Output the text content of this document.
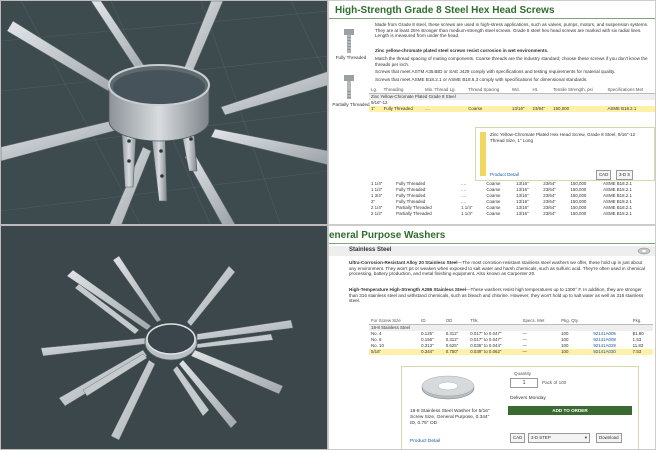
High-Strength Grade 8 Steel Hex Head Screws
Fully Threaded
Partially Threaded
Made from Grade 8 steel, these screws are used in high-stress applications, such as valves, pumps, motors, and suspension systems. They are at least 25% stronger than medium-strength steel screws. Grade 8 steel hex head screws are marked with six radial lines. Length is measured from under the head.
Zinc yellow-chromate plated steel screws resist corrosion in wet environments.
Match the thread spacing of mating components. Coarse threads are the industry standard; choose these screws if you don't know the threads per inch.
Screws that meet ASTM A354BD or SAE J429 comply with specifications and testing requirements for material quality.
Screws that meet ASME B18.2.1 or ASME B18.6.3 comply with specifications for dimensional standards.
Lg.	Threading	Min. Thread Lg.	Thread Spacing	Wd.	Ht.	Tensile Strength, psi	Specifications Met
Zinc Yellow-Chromate Plated Grade 8 Steel							
9/16"-12							
1"	Fully Threaded	....	Coarse	13/16"	23/64"	150,000	ASME B18.2.1
Zinc Yellow-Chromate Plated Hex Head Screw, Grade 8 Steel, 9/16"-12 Thread Size, 1" Long
Product Detail	CAD	3-D S
1 1/4"	Fully Threaded	....	Coarse	13/16"	23/64"	150,000	ASME B18.2.1
1 1/2"	Fully Threaded	....	Coarse	13/16"	23/64"	150,000	ASME B18.2.1
1 3/4"	Fully Threaded	....	Coarse	13/16"	23/64"	150,000	ASME B18.2.1
2"	Fully Threaded	....	Coarse	13/16"	23/64"	150,000	ASME B18.2.1
2 1/4"	Partially Threaded	1 1/4"	Coarse	13/16"	23/64"	150,000	ASME B18.2.1
2 1/2"	Partially Threaded	1 1/4"	Coarse	13/16"	23/64"	150,000	ASME B18.2.1
eneral Purpose Washers
Stainless Steel
Ultra-Corrosion-Resistant Alloy 20 Stainless Steel—The most corrosion-resistant stainless steel washers we offer, these hold up in just about any environment. They won't pit or weaken when exposed to salt water and harsh chemicals, such as sulfuric acid. They're often used in chemical processing, battery production, and metal finishing equipment. Also known as Carpenter 20.
High-Temperature High-Strength A286 Stainless Steel—These washers resist high temperatures up to 1300° F. In addition, they are stronger than 316 stainless steel and withstand chemicals, such as bleach and chlorine. However, they won't hold up to salt water as well as 316 stainless steel.
For Screw Size	ID	OD	Thk.	Specs. Met	Pkg. Qty.		Pkg.
18-8 Stainless Steel							
No. 4	0.125"	0.312"	0.017" to 0.047"	—	100	92141A005	$1.80
No. 6	0.156"	0.312"	0.017" to 0.047"	—	100	92141A008	1.53
No. 10	0.313"	0.625"	0.036" to 0.044"	—	100	92141A029	11.83
5/16"	0.344"	0.750"	0.039" to 0.062"	—	100	92141A030	7.53
18-8 Stainless Steel Washer for 5/16" Screw Size, General Purpose, 0.344" ID, 0.75" OD
Product Detail
Quantity
1	Pack of 100
Delivers Monday
ADD TO ORDER
CAD	3-D STEP	▾	Download
